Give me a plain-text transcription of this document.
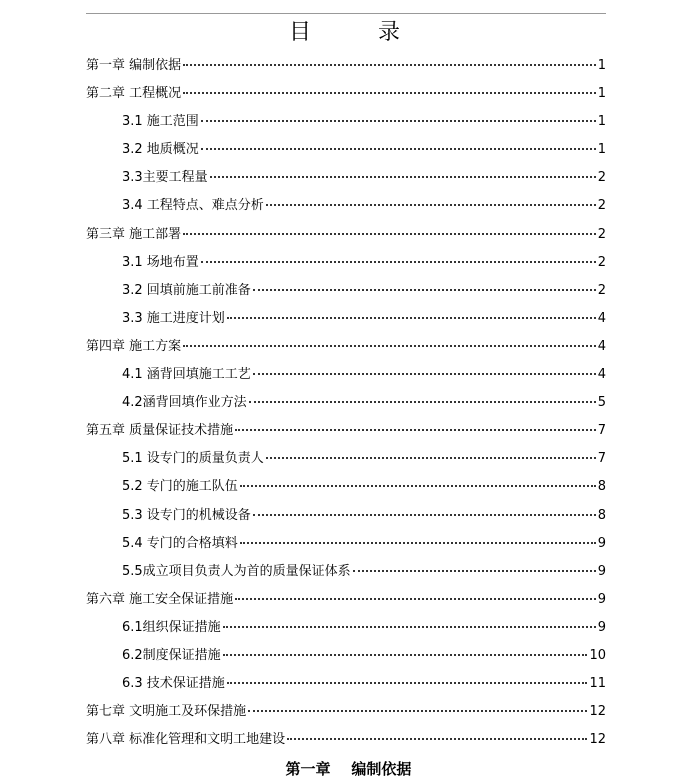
目 录
第一章 编制依据	1
第二章 工程概况	1
3.1 施工范围	1
3.2 地质概况	1
3.3主要工程量	2
3.4 工程特点、难点分析	2
第三章 施工部署	2
3.1 场地布置	2
3.2 回填前施工前准备	2
3.3 施工进度计划	4
第四章 施工方案	4
4.1 涵背回填施工工艺	4
4.2涵背回填作业方法	5
第五章 质量保证技术措施	7
5.1 设专门的质量负责人	7
5.2 专门的施工队伍	8
5.3 设专门的机械设备	8
5.4 专门的合格填料	9
5.5成立项目负责人为首的质量保证体系	9
第六章 施工安全保证措施	9
6.1组织保证措施	9
6.2制度保证措施	10
6.3 技术保证措施	11
第七章 文明施工及环保措施	12
第八章 标准化管理和文明工地建设	12
第一章    编制依据
